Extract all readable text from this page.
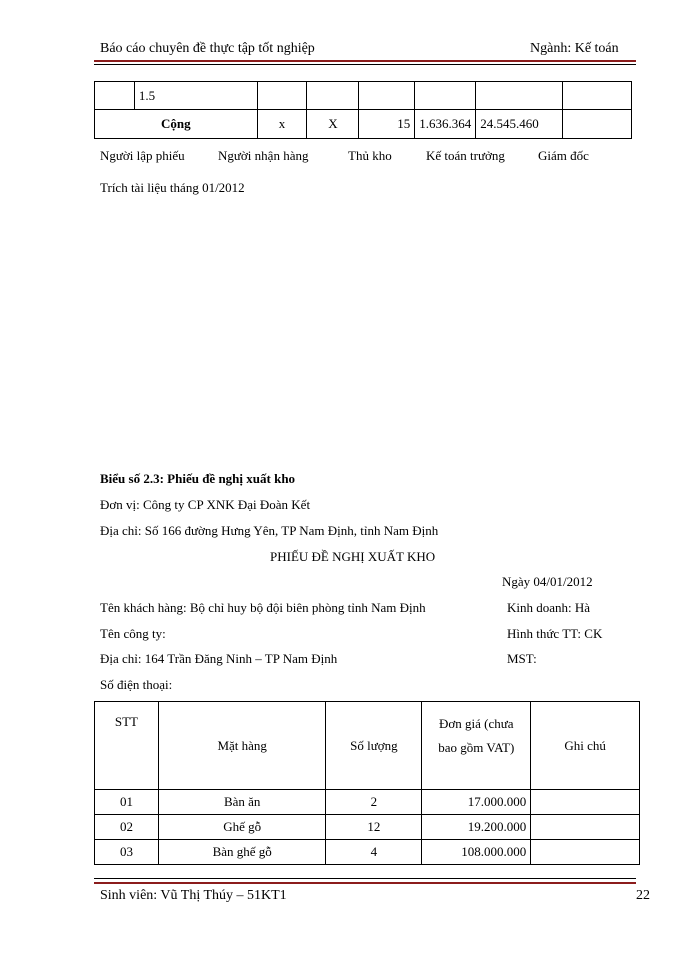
Báo cáo chuyên đề thực tập tốt nghiệp	Ngành: Kế toán
	1.5						
Cộng		x	X	15	1.636.364	24.545.460	
Người lập phiếu	Người nhận hàng	Thủ kho	Kế toán trưởng	Giám đốc
Trích tài liệu tháng 01/2012
Biểu số 2.3: Phiếu đề nghị xuất kho
Đơn vị: Công ty CP XNK Đại Đoàn Kết
Địa chỉ: Số 166 đường Hưng Yên, TP Nam Định, tỉnh Nam Định
PHIẾU ĐỀ NGHỊ XUẤT KHO
Ngày 04/01/2012
Tên khách hàng: Bộ chỉ huy bộ đội biên phòng tỉnh Nam Định	Kinh doanh: Hà
Tên công ty:	Hình thức TT: CK
Địa chỉ: 164 Trần Đăng Ninh – TP Nam Định	MST:
Số điện thoại:
STT	Mặt hàng	Số lượng	Đơn giá (chưa
bao gồm VAT)	Ghi chú
01	Bàn ăn	2	17.000.000	
02	Ghế gỗ	12	19.200.000	
03	Bàn ghế gỗ	4	108.000.000	
Sinh viên: Vũ Thị Thúy – 51KT1	22
